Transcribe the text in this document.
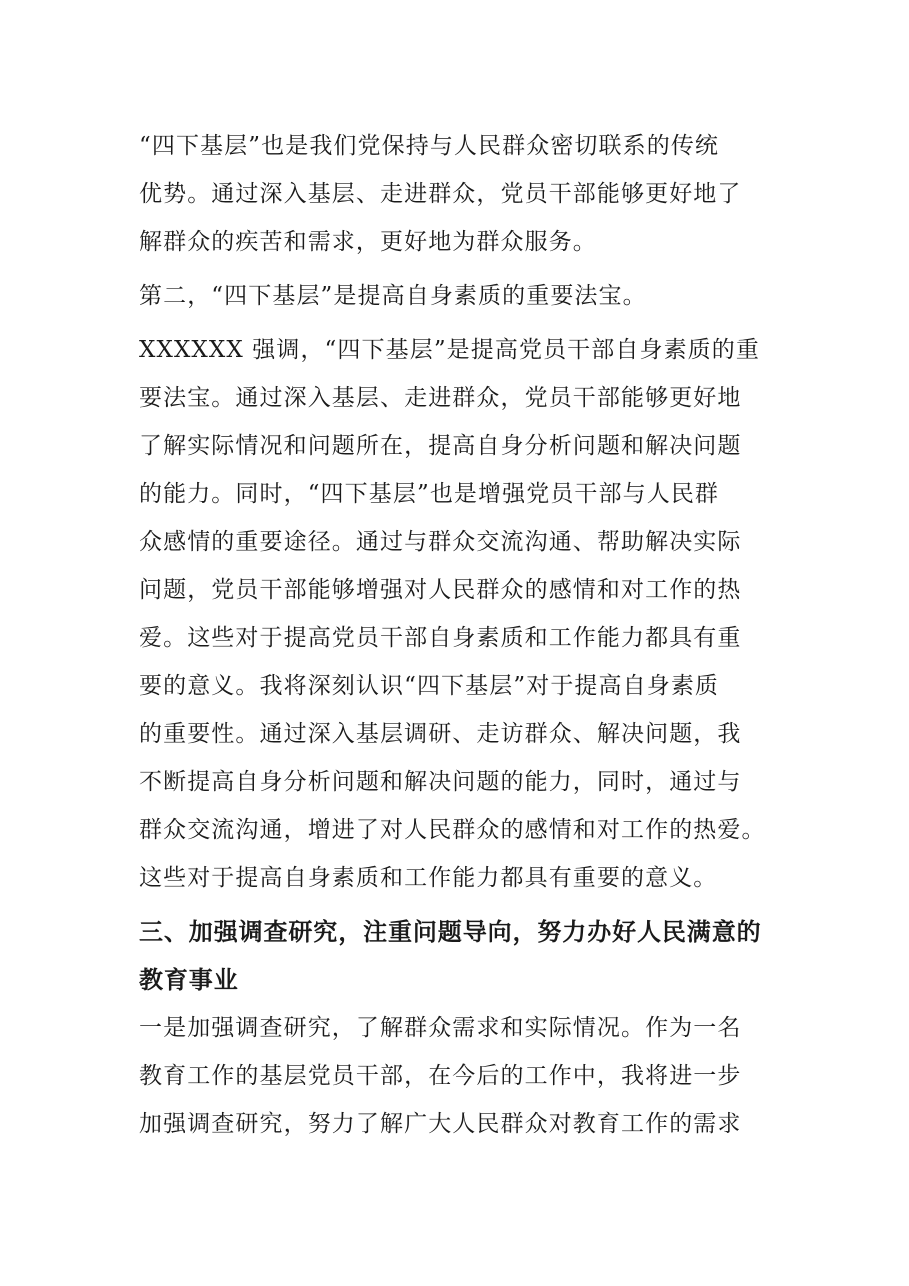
“四下基层”也是我们党保持与人民群众密切联系的传统
优势。通过深入基层、走进群众，党员干部能够更好地了
解群众的疾苦和需求，更好地为群众服务。
第二，“四下基层”是提高自身素质的重要法宝。
XXXXXX 强调，“四下基层”是提高党员干部自身素质的重
要法宝。通过深入基层、走进群众，党员干部能够更好地
了解实际情况和问题所在，提高自身分析问题和解决问题
的能力。同时，“四下基层”也是增强党员干部与人民群
众感情的重要途径。通过与群众交流沟通、帮助解决实际
问题，党员干部能够增强对人民群众的感情和对工作的热
爱。这些对于提高党员干部自身素质和工作能力都具有重
要的意义。我将深刻认识“四下基层”对于提高自身素质
的重要性。通过深入基层调研、走访群众、解决问题，我
不断提高自身分析问题和解决问题的能力，同时，通过与
群众交流沟通，增进了对人民群众的感情和对工作的热爱。
这些对于提高自身素质和工作能力都具有重要的意义。
三、加强调查研究，注重问题导向，努力办好人民满意的
教育事业
一是加强调查研究，了解群众需求和实际情况。作为一名
教育工作的基层党员干部，在今后的工作中，我将进一步
加强调查研究，努力了解广大人民群众对教育工作的需求
